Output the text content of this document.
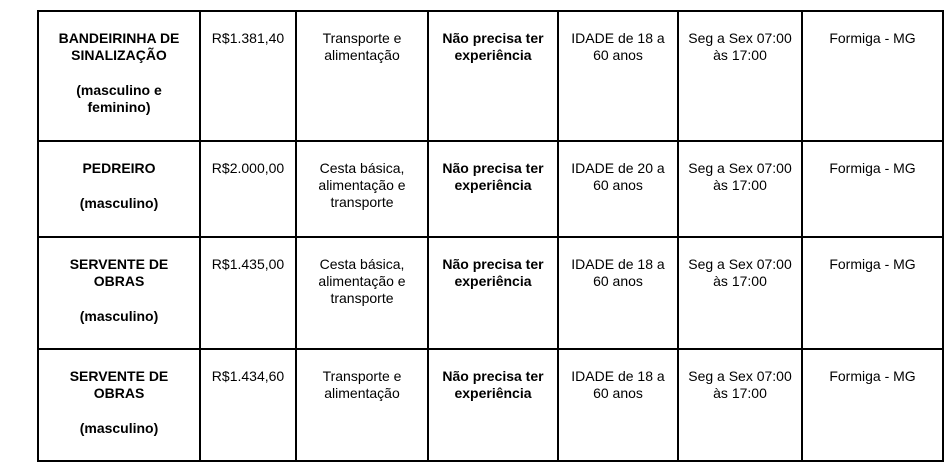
BANDEIRINHA DE SINALIZAÇÃO
(masculino e feminino)	R$1.381,40	Transporte e alimentação	Não precisa ter experiência	IDADE de 18 a 60 anos	Seg a Sex 07:00 às 17:00	Formiga - MG

PEDREIRO
(masculino)	R$2.000,00	Cesta básica, alimentação e transporte	Não precisa ter experiência	IDADE de 20 a 60 anos	Seg a Sex 07:00 às 17:00	Formiga - MG

SERVENTE DE OBRAS
(masculino)	R$1.435,00	Cesta básica, alimentação e transporte	Não precisa ter experiência	IDADE de 18 a 60 anos	Seg a Sex 07:00 às 17:00	Formiga - MG

SERVENTE DE OBRAS
(masculino)	R$1.434,60	Transporte e alimentação	Não precisa ter experiência	IDADE de 18 a 60 anos	Seg a Sex 07:00 às 17:00	Formiga - MG
